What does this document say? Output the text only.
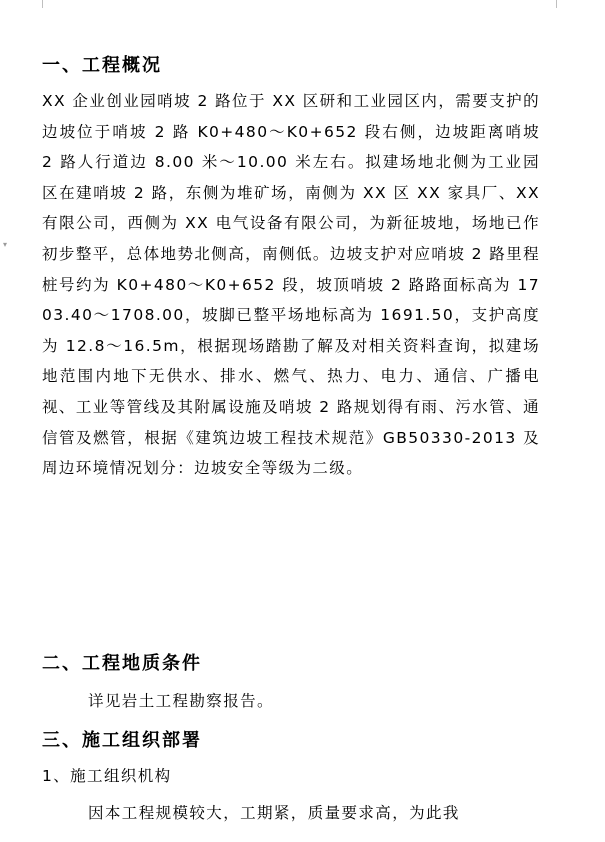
▾
一、工程概况

XX 企业创业园哨坡 2 路位于 XX 区研和工业园区内，需要支护的边坡位于哨坡 2 路 K0+480～K0+652 段右侧，边坡距离哨坡 2 路人行道边 8.00 米～10.00 米左右。拟建场地北侧为工业园区在建哨坡 2 路，东侧为堆矿场，南侧为 XX 区 XX 家具厂、XX 有限公司，西侧为 XX 电气设备有限公司，为新征坡地，场地已作初步整平，总体地势北侧高，南侧低。边坡支护对应哨坡 2 路里程桩号约为 K0+480～K0+652 段，坡顶哨坡 2 路路面标高为 1703.40～1708.00，坡脚已整平场地标高为 1691.50，支护高度为 12.8～16.5m，根据现场踏勘了解及对相关资料查询，拟建场地范围内地下无供水、排水、燃气、热力、电力、通信、广播电视、工业等管线及其附属设施及哨坡 2 路规划得有雨、污水管、通信管及燃管，根据《建筑边坡工程技术规范》GB50330-2013 及周边环境情况划分：边坡安全等级为二级。

二、工程地质条件

详见岩土工程勘察报告。

三、施工组织部署

1、施工组织机构

因本工程规模较大，工期紧，质量要求高，为此我
